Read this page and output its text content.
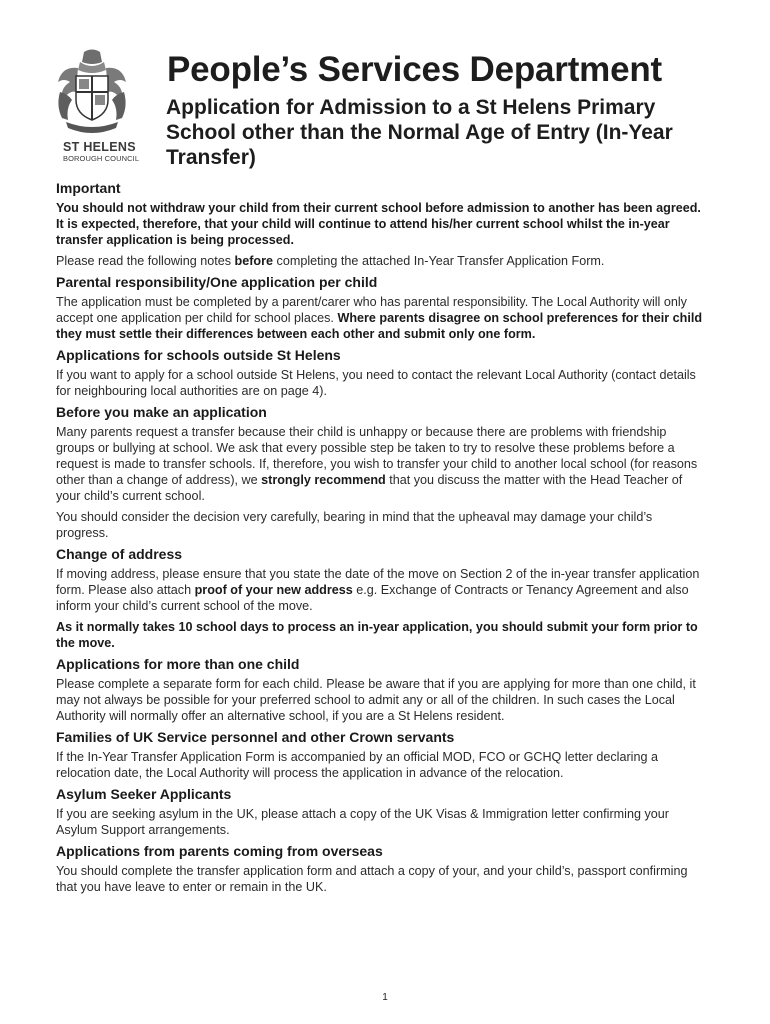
ST HELENS
BOROUGH COUNCIL
People’s Services Department
Application for Admission to a St Helens Primary School other than the Normal Age of Entry (In-Year Transfer)
Important

You should not withdraw your child from their current school before admission to another has been agreed. It is expected, therefore, that your child will continue to attend his/her current school whilst the in-year transfer application is being processed.

Please read the following notes before completing the attached In-Year Transfer Application Form.

Parental responsibility/One application per child

The application must be completed by a parent/carer who has parental responsibility. The Local Authority will only accept one application per child for school places. Where parents disagree on school preferences for their child they must settle their differences between each other and submit only one form.

Applications for schools outside St Helens

If you want to apply for a school outside St Helens, you need to contact the relevant Local Authority (contact details for neighbouring local authorities are on page 4).

Before you make an application

Many parents request a transfer because their child is unhappy or because there are problems with friendship groups or bullying at school. We ask that every possible step be taken to try to resolve these problems before a request is made to transfer schools. If, therefore, you wish to transfer your child to another local school (for reasons other than a change of address), we strongly recommend that you discuss the matter with the Head Teacher of your child’s current school.

You should consider the decision very carefully, bearing in mind that the upheaval may damage your child’s progress.

Change of address

If moving address, please ensure that you state the date of the move on Section 2 of the in-year transfer application form. Please also attach proof of your new address e.g. Exchange of Contracts or Tenancy Agreement and also inform your child’s current school of the move.

As it normally takes 10 school days to process an in-year application, you should submit your form prior to the move.

Applications for more than one child

Please complete a separate form for each child. Please be aware that if you are applying for more than one child, it may not always be possible for your preferred school to admit any or all of the children. In such cases the Local Authority will normally offer an alternative school, if you are a St Helens resident.

Families of UK Service personnel and other Crown servants

If the In-Year Transfer Application Form is accompanied by an official MOD, FCO or GCHQ letter declaring a relocation date, the Local Authority will process the application in advance of the relocation.

Asylum Seeker Applicants

If you are seeking asylum in the UK, please attach a copy of the UK Visas & Immigration letter confirming your Asylum Support arrangements.

Applications from parents coming from overseas

You should complete the transfer application form and attach a copy of your, and your child’s, passport confirming that you have leave to enter or remain in the UK.

1
